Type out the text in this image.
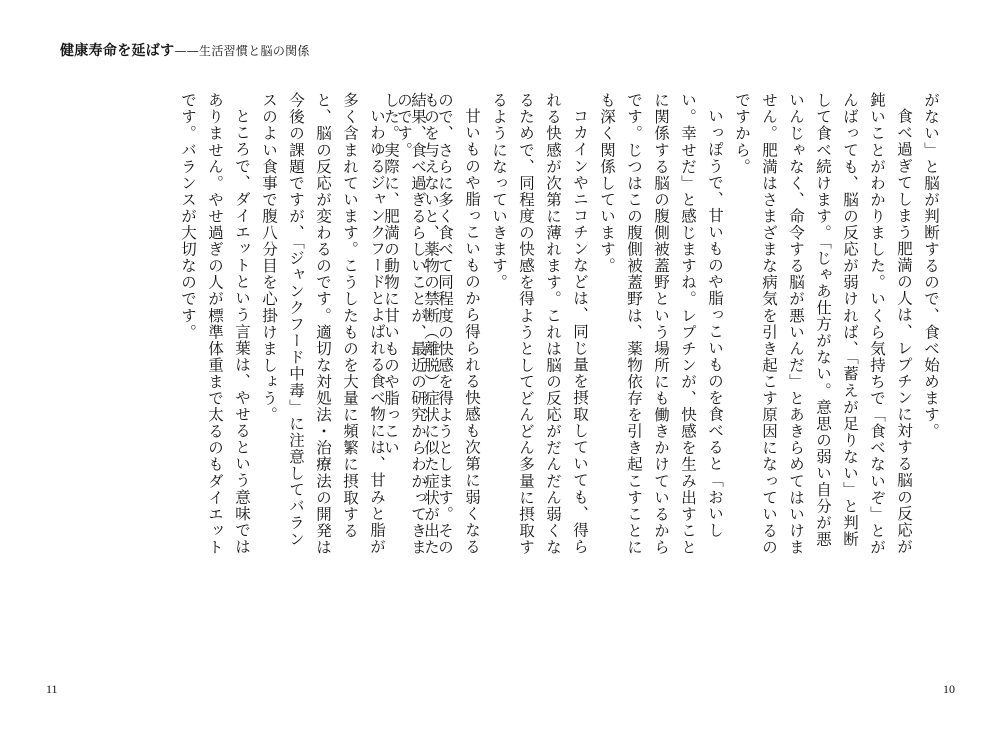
健康寿命を延ばす——生活習慣と脳の関係

がない」と脳が判断するので、食べ始めます。

食べ過ぎてしまう肥満の人は、レプチンに対する脳の反応が鈍いことがわかりました。いくら気持ちで「食べないぞ」とがんばっても、脳の反応が弱ければ、「蓄えが足りない」と判断して食べ続けます。「じゃあ仕方がない。意思の弱い自分が悪いんじゃなく、命令する脳が悪いんだ」とあきらめてはいけません。肥満はさまざまな病気を引き起こす原因になっているのですから。

いっぽうで、甘いものや脂っこいものを食べると「おいしい。幸せだ」と感じますね。レプチンが、快感を生み出すことに関係する脳の腹側被蓋野という場所にも働きかけているからです。じつはこの腹側被蓋野は、薬物依存を引き起こすことにも深く関係しています。

コカインやニコチンなどは、同じ量を摂取していても、得られる快感が次第に薄れます。これは脳の反応がだんだん弱くなるためで、同程度の快感を得ようとしてどんどん多量に摂取するようになっていきます。

甘いものや脂っこいものから得られる快感も次第に弱くなるので、さらに多く食べて同程度の快感を得ようとします。その結果、食べ過ぎるらしいことが、最近の研究からわかってきました。実際に、肥満の動物に甘いものや脂っこい	ものを与えないと、薬物の禁断（離脱）症状に似た症状が出たのです。

いわゆるジャンクフードとよばれる食べ物には、甘みと脂が多く含まれています。こうしたものを大量に頻繁に摂取すると、脳の反応が変わるのです。適切な対処法・治療法の開発は今後の課題ですが、「ジャンクフード中毒」に注意してバランスのよい食事で腹八分目を心掛けましょう。

ところで、ダイエットという言葉は、やせるという意味ではありません。やせ過ぎの人が標準体重まで太るのもダイエットです。バランスが大切なのです。

11	10
